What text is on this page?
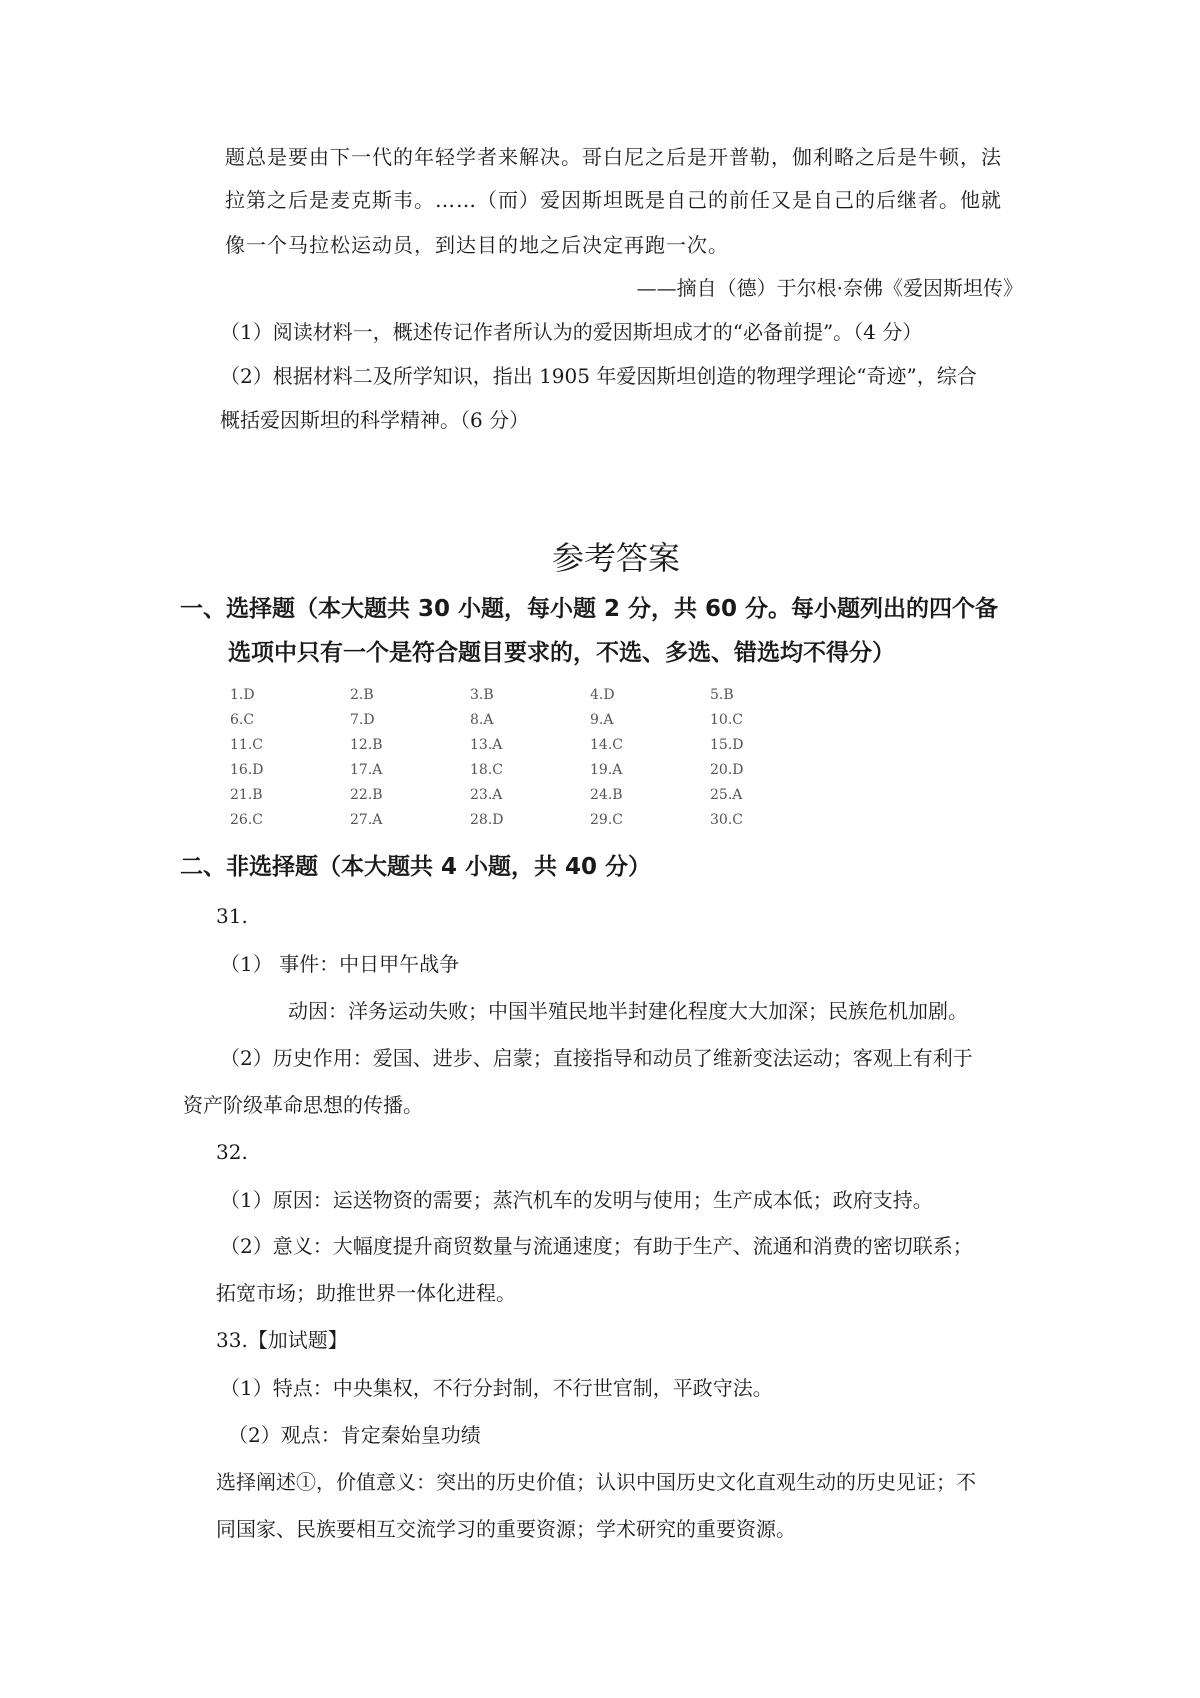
题总是要由下一代的年轻学者来解决。哥白尼之后是开普勒，伽利略之后是牛顿，法
拉第之后是麦克斯韦。……（而）爱因斯坦既是自己的前任又是自己的后继者。他就
像一个马拉松运动员，到达目的地之后决定再跑一次。
——摘自（德）于尔根·奈佛《爱因斯坦传》
（1）阅读材料一，概述传记作者所认为的爱因斯坦成才的“必备前提”。（4 分）
（2）根据材料二及所学知识，指出 1905 年爱因斯坦创造的物理学理论“奇迹”，综合
概括爱因斯坦的科学精神。（6 分）
参考答案
一、选择题（本大题共 30 小题，每小题 2 分，共 60 分。每小题列出的四个备
选项中只有一个是符合题目要求的，不选、多选、错选均不得分）
1.D	2.B	3.B	4.D	5.B
6.C	7.D	8.A	9.A	10.C
11.C	12.B	13.A	14.C	15.D
16.D	17.A	18.C	19.A	20.D
21.B	22.B	23.A	24.B	25.A
26.C	27.A	28.D	29.C	30.C
二、非选择题（本大题共 4 小题，共 40 分）
31.
（1） 事件：中日甲午战争
动因：洋务运动失败；中国半殖民地半封建化程度大大加深；民族危机加剧。
（2）历史作用：爱国、进步、启蒙；直接指导和动员了维新变法运动；客观上有利于
资产阶级革命思想的传播。
32.
（1）原因：运送物资的需要；蒸汽机车的发明与使用；生产成本低；政府支持。
（2）意义：大幅度提升商贸数量与流通速度；有助于生产、流通和消费的密切联系；
拓宽市场；助推世界一体化进程。
33.【加试题】
（1）特点：中央集权，不行分封制，不行世官制，平政守法。
（2）观点：肯定秦始皇功绩
选择阐述①，价值意义：突出的历史价值；认识中国历史文化直观生动的历史见证；不
同国家、民族要相互交流学习的重要资源；学术研究的重要资源。
